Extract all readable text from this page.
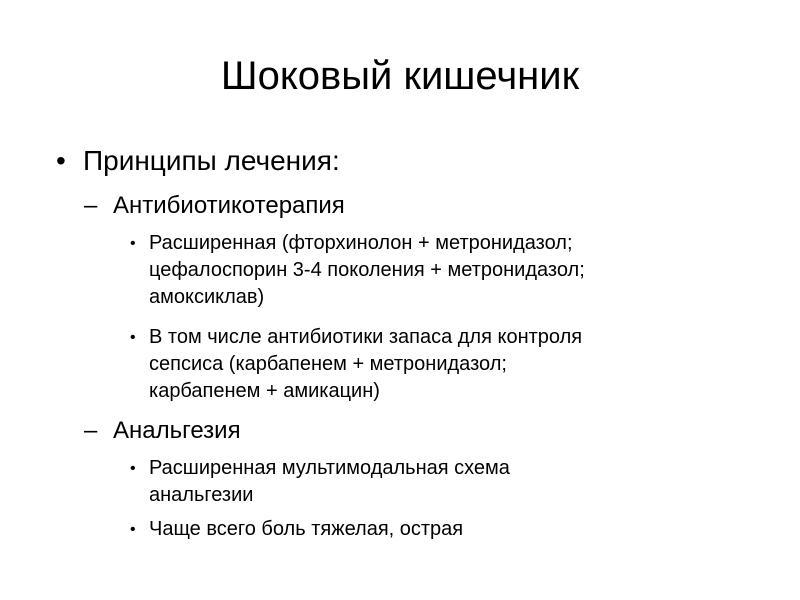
Шоковый кишечник
• Принципы лечения:
– Антибиотикотерапия
• Расширенная (фторхинолон + метронидазол;
цефалоспорин 3-4 поколения + метронидазол;
амоксиклав)
• В том числе антибиотики запаса для контроля
сепсиса (карбапенем + метронидазол;
карбапенем + амикацин)
– Анальгезия
• Расширенная мультимодальная схема
анальгезии
• Чаще всего боль тяжелая, острая
